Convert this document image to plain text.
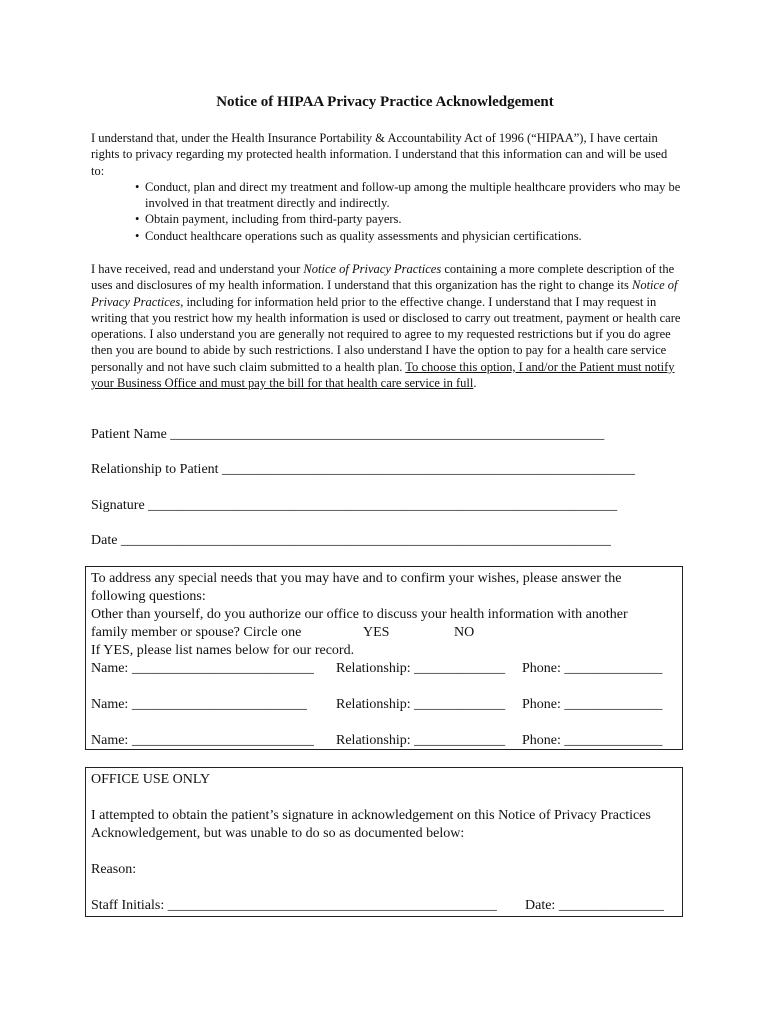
Notice of HIPAA Privacy Practice Acknowledgement

I understand that, under the Health Insurance Portability & Accountability Act of 1996 (“HIPAA”), I have certain rights to privacy regarding my protected health information. I understand that this information can and will be used to:

• Conduct, plan and direct my treatment and follow-up among the multiple healthcare providers who may be involved in that treatment directly and indirectly.
• Obtain payment, including from third-party payers.
• Conduct healthcare operations such as quality assessments and physician certifications.

I have received, read and understand your Notice of Privacy Practices containing a more complete description of the uses and disclosures of my health information. I understand that this organization has the right to change its Notice of Privacy Practices, including for information held prior to the effective change. I understand that I may request in writing that you restrict how my health information is used or disclosed to carry out treatment, payment or health care operations. I also understand you are generally not required to agree to my requested restrictions but if you do agree then you are bound to abide by such restrictions. I also understand I have the option to pay for a health care service personally and not have such claim submitted to a health plan. To choose this option, I and/or the Patient must notify your Business Office and must pay the bill for that health care service in full.

Patient Name ______________________________________________________________
Relationship to Patient ___________________________________________________________
Signature ___________________________________________________________________
Date ______________________________________________________________________
To address any special needs that you may have and to confirm your wishes, please answer the
following questions:
Other than yourself, do you authorize our office to discuss your health information with another
family member or spouse? Circle one	YES	NO
If YES, please list names below for our record.
Name: __________________________ Relationship: _____________ Phone: ______________
Name: _________________________ Relationship: _____________ Phone: ______________
Name: __________________________ Relationship: _____________ Phone: ______________
OFFICE USE ONLY
I attempted to obtain the patient’s signature in acknowledgement on this Notice of Privacy Practices Acknowledgement, but was unable to do so as documented below:
Reason:
Staff Initials: _______________________________________________ Date: _______________
